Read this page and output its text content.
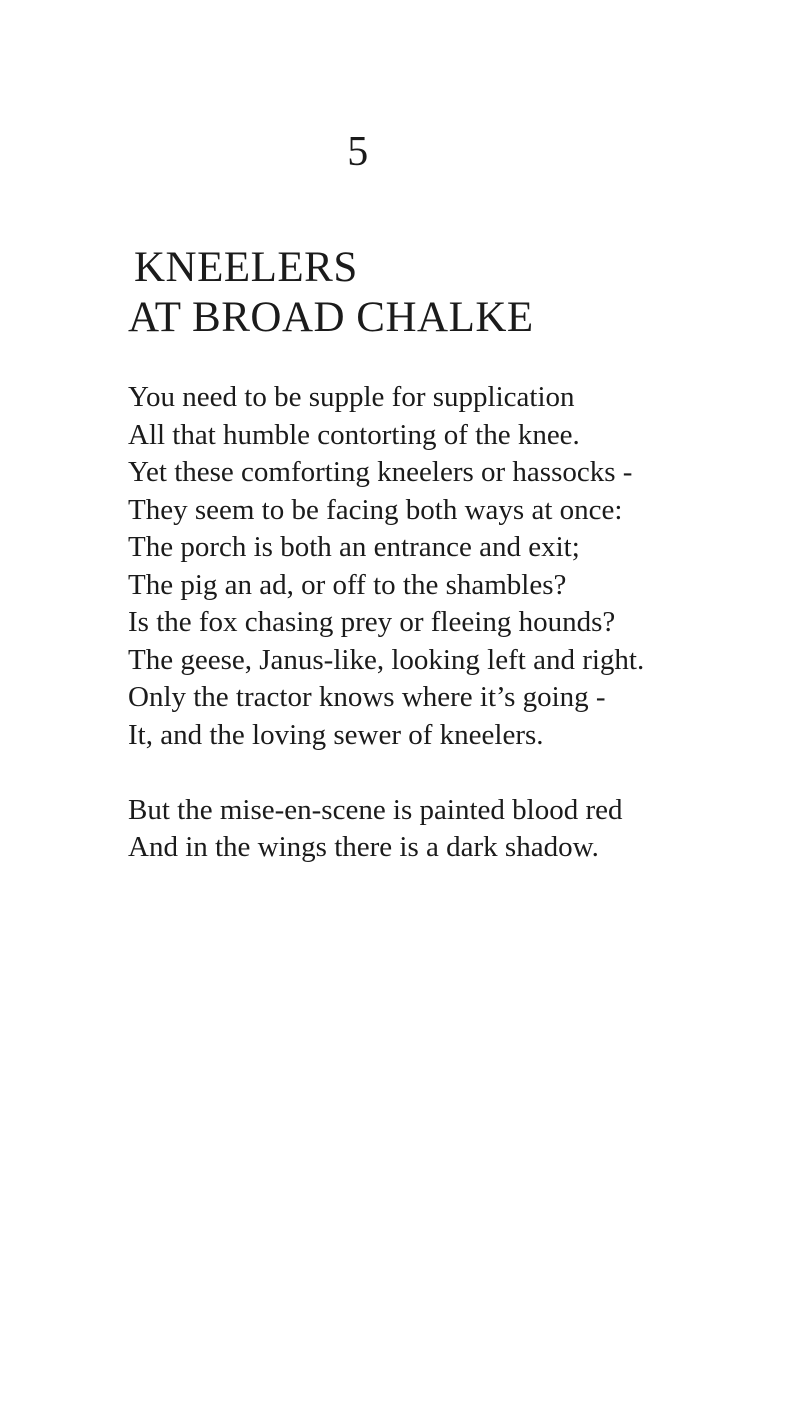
5
KNEELERS
AT BROAD CHALKE
You need to be supple for supplication
All that humble contorting of the knee.
Yet these comforting kneelers or hassocks -
They seem to be facing both ways at once:
The porch is both an entrance and exit;
The pig an ad, or off to the shambles?
Is the fox chasing prey or fleeing hounds?
The geese, Janus-like, looking left and right.
Only the tractor knows where it’s going -
It, and the loving sewer of kneelers.
But the mise-en-scene is painted blood red
And in the wings there is a dark shadow.
